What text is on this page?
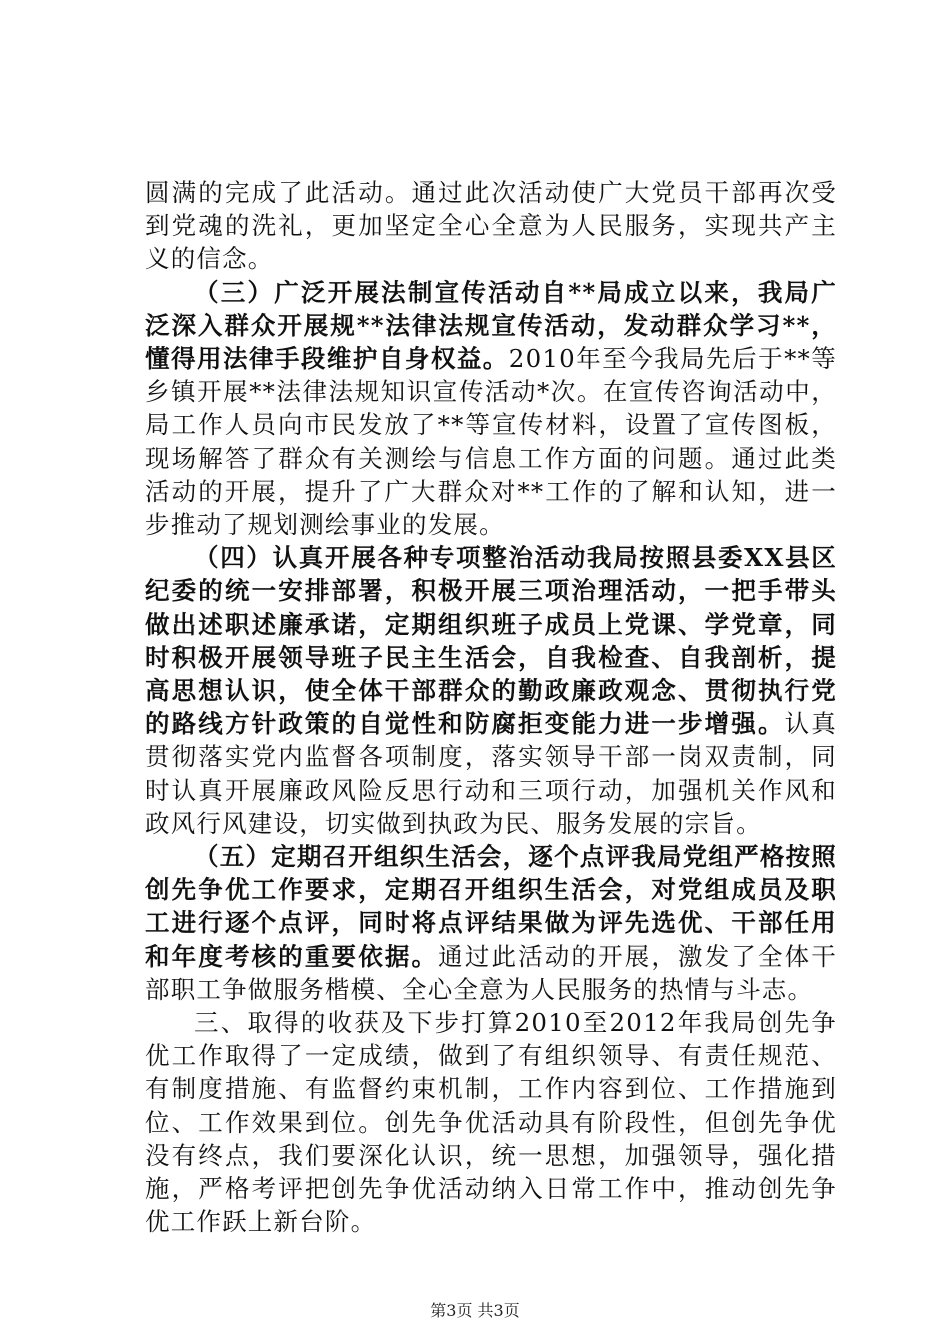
圆满的完成了此活动。通过此次活动使广大党员干部再次受到党魂的洗礼，更加坚定全心全意为人民服务，实现共产主义的信念。

（三）广泛开展法制宣传活动自**局成立以来，我局广泛深入群众开展规**法律法规宣传活动，发动群众学习**，懂得用法律手段维护自身权益。2010年至今我局先后于**等乡镇开展**法律法规知识宣传活动*次。在宣传咨询活动中，局工作人员向市民发放了**等宣传材料，设置了宣传图板，现场解答了群众有关测绘与信息工作方面的问题。通过此类活动的开展，提升了广大群众对**工作的了解和认知，进一步推动了规划测绘事业的发展。

（四）认真开展各种专项整治活动我局按照县委XX县区纪委的统一安排部署，积极开展三项治理活动，一把手带头做出述职述廉承诺，定期组织班子成员上党课、学党章，同时积极开展领导班子民主生活会，自我检查、自我剖析，提高思想认识，使全体干部群众的勤政廉政观念、贯彻执行党的路线方针政策的自觉性和防腐拒变能力进一步增强。认真贯彻落实党内监督各项制度，落实领导干部一岗双责制，同时认真开展廉政风险反思行动和三项行动，加强机关作风和政风行风建设，切实做到执政为民、服务发展的宗旨。

（五）定期召开组织生活会，逐个点评我局党组严格按照创先争优工作要求，定期召开组织生活会，对党组成员及职工进行逐个点评，同时将点评结果做为评先选优、干部任用和年度考核的重要依据。通过此活动的开展，激发了全体干部职工争做服务楷模、全心全意为人民服务的热情与斗志。

三、取得的收获及下步打算2010至2012年我局创先争优工作取得了一定成绩，做到了有组织领导、有责任规范、有制度措施、有监督约束机制，工作内容到位、工作措施到位、工作效果到位。创先争优活动具有阶段性，但创先争优没有终点，我们要深化认识，统一思想，加强领导，强化措施，严格考评把创先争优活动纳入日常工作中，推动创先争优工作跃上新台阶。

第3页 共3页
